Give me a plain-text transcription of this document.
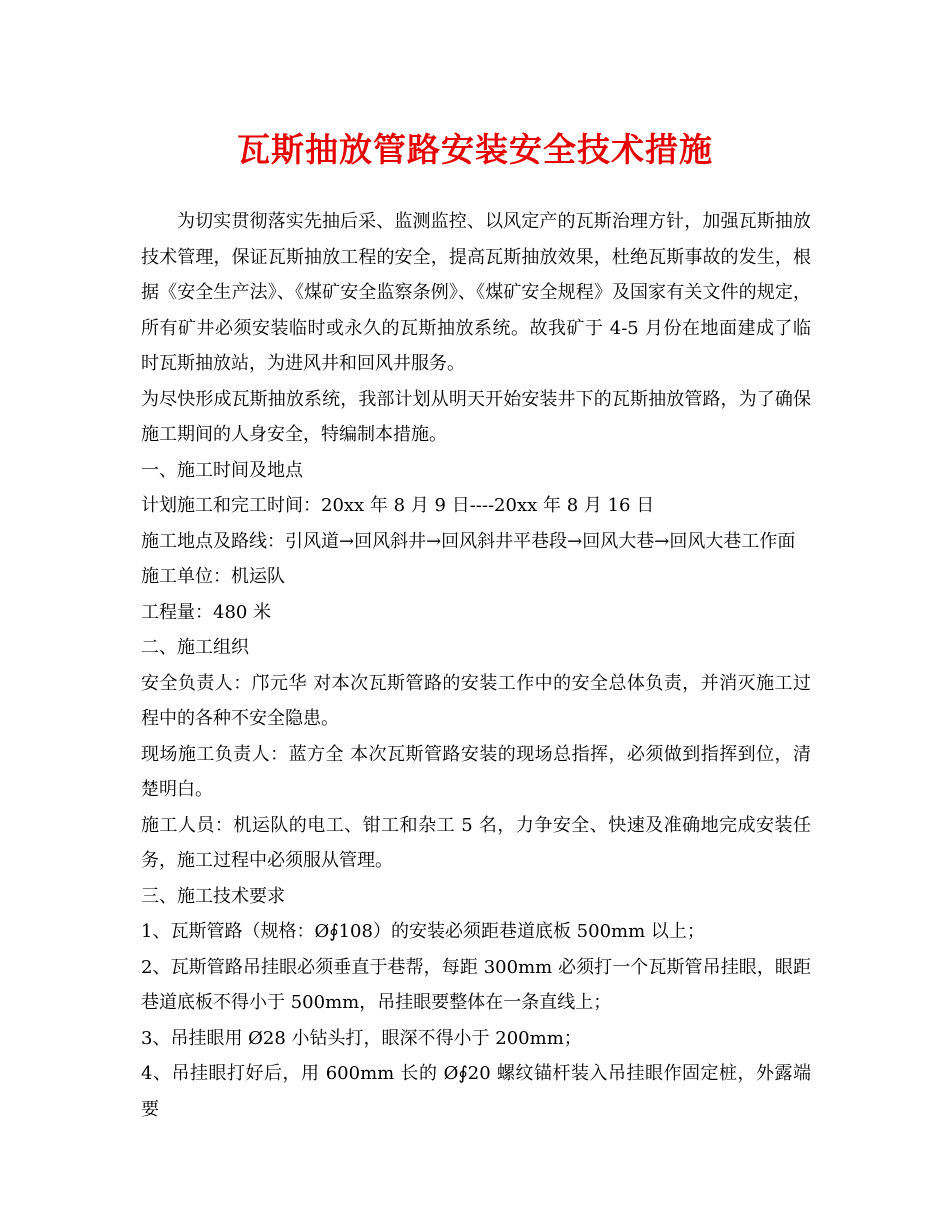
瓦斯抽放管路安装安全技术措施

为切实贯彻落实先抽后采、监测监控、以风定产的瓦斯治理方针，加强瓦斯抽放技术管理，保证瓦斯抽放工程的安全，提高瓦斯抽放效果，杜绝瓦斯事故的发生，根据《安全生产法》、《煤矿安全监察条例》、《煤矿安全规程》及国家有关文件的规定，所有矿井必须安装临时或永久的瓦斯抽放系统。故我矿于 4-5 月份在地面建成了临时瓦斯抽放站，为进风井和回风井服务。

为尽快形成瓦斯抽放系统，我部计划从明天开始安装井下的瓦斯抽放管路，为了确保施工期间的人身安全，特编制本措施。

一、施工时间及地点

计划施工和完工时间：20xx 年 8 月 9 日----20xx 年 8 月 16 日

施工地点及路线：引风道→回风斜井→回风斜井平巷段→回风大巷→回风大巷工作面

施工单位：机运队

工程量：480 米

二、施工组织

安全负责人：邝元华 对本次瓦斯管路的安装工作中的安全总体负责，并消灭施工过程中的各种不安全隐患。

现场施工负责人：蓝方全 本次瓦斯管路安装的现场总指挥，必须做到指挥到位，清楚明白。

施工人员：机运队的电工、钳工和杂工 5 名，力争安全、快速及准确地完成安装任务，施工过程中必须服从管理。

三、施工技术要求

1、瓦斯管路（规格：Ø∮108）的安装必须距巷道底板 500mm 以上；

2、瓦斯管路吊挂眼必须垂直于巷帮，每距 300mm 必须打一个瓦斯管吊挂眼，眼距巷道底板不得小于 500mm，吊挂眼要整体在一条直线上；

3、吊挂眼用 Ø28 小钻头打，眼深不得小于 200mm；

4、吊挂眼打好后，用 600mm 长的 Ø∮20 螺纹锚杆装入吊挂眼作固定桩，外露端要
